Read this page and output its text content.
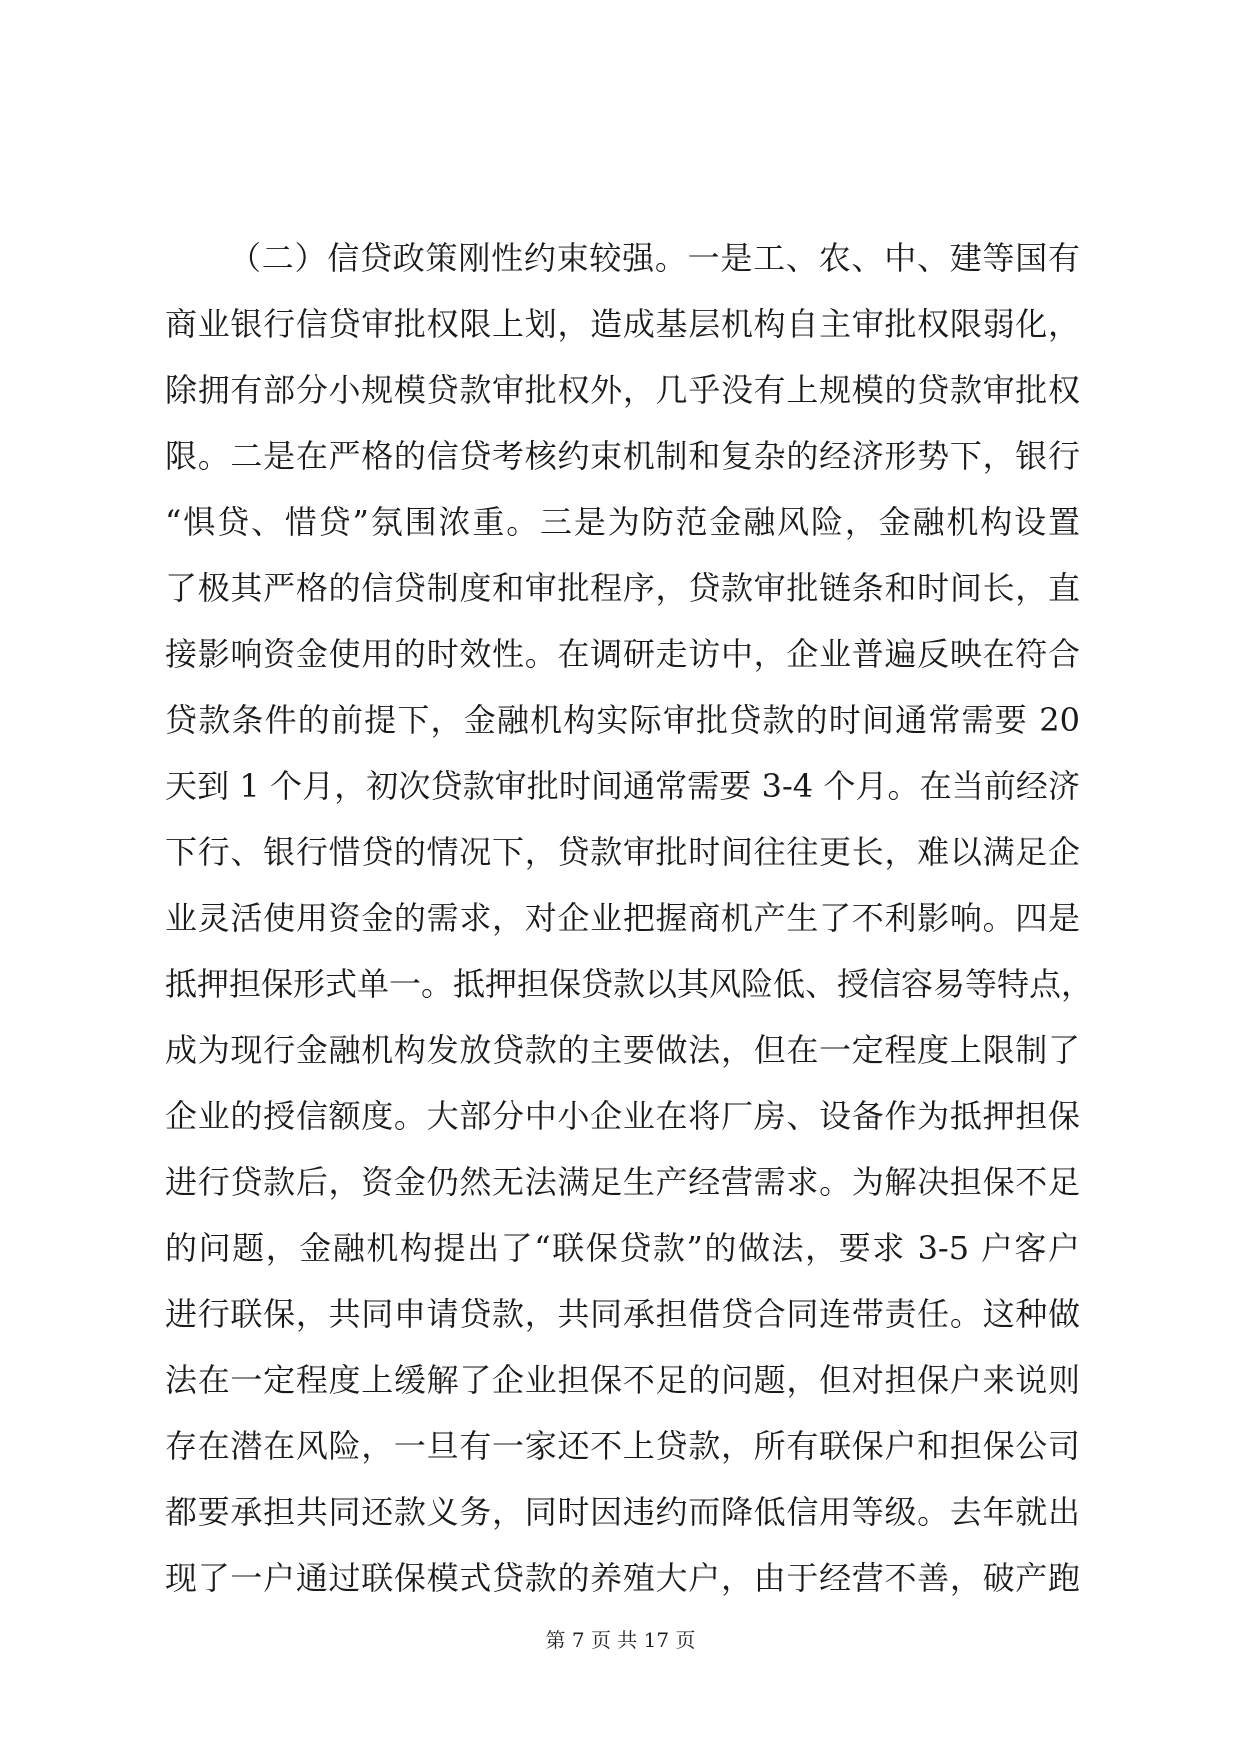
（二）信贷政策刚性约束较强。一是工、农、中、建等国有
商业银行信贷审批权限上划，造成基层机构自主审批权限弱化，
除拥有部分小规模贷款审批权外，几乎没有上规模的贷款审批权
限。二是在严格的信贷考核约束机制和复杂的经济形势下，银行
“惧贷、惜贷”氛围浓重。三是为防范金融风险，金融机构设置
了极其严格的信贷制度和审批程序，贷款审批链条和时间长，直
接影响资金使用的时效性。在调研走访中，企业普遍反映在符合
贷款条件的前提下，金融机构实际审批贷款的时间通常需要 20
天到 1 个月，初次贷款审批时间通常需要 3-4 个月。在当前经济
下行、银行惜贷的情况下，贷款审批时间往往更长，难以满足企
业灵活使用资金的需求，对企业把握商机产生了不利影响。四是
抵押担保形式单一。抵押担保贷款以其风险低、授信容易等特点，
成为现行金融机构发放贷款的主要做法，但在一定程度上限制了
企业的授信额度。大部分中小企业在将厂房、设备作为抵押担保
进行贷款后，资金仍然无法满足生产经营需求。为解决担保不足
的问题，金融机构提出了“联保贷款”的做法，要求 3-5 户客户
进行联保，共同申请贷款，共同承担借贷合同连带责任。这种做
法在一定程度上缓解了企业担保不足的问题，但对担保户来说则
存在潜在风险，一旦有一家还不上贷款，所有联保户和担保公司
都要承担共同还款义务，同时因违约而降低信用等级。去年就出
现了一户通过联保模式贷款的养殖大户，由于经营不善，破产跑
第 7 页 共 17 页
